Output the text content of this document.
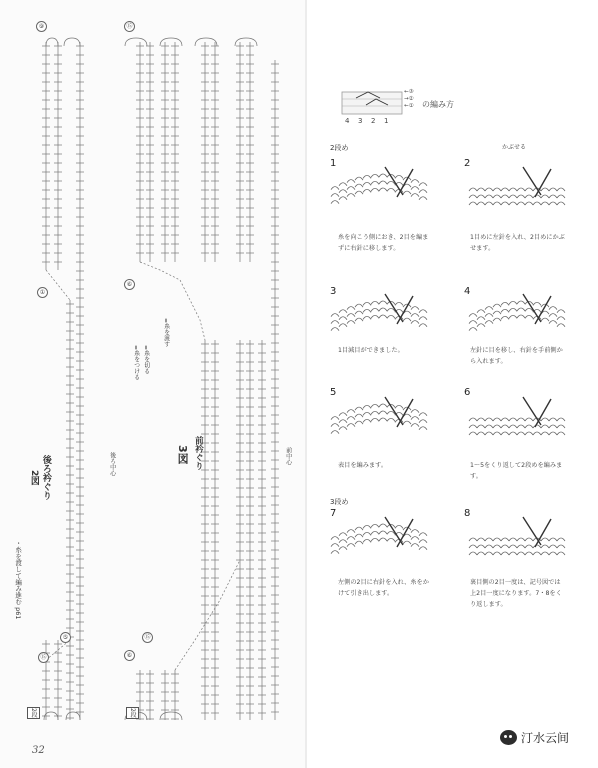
2図 後ろ衿ぐり
・糸を渡して編み進む p61
後ろ中心
2段
⑨
①
⑤
⑮
3図 前衿ぐり	前中心
2段
=糸をつける =糸を切る
=糸を渡す
⑮
⑥
⑥
⑮
32
4 3 2 1
←③
→②
←① の編み方
2段め
3段め
かぶせる
1
糸を向こう側におき、2目を編まずに右針に移します。
2
1目めに左針を入れ、2目めにかぶせます。
3
1目減目ができました。
4
左針に目を移し、右針を手前側から入れます。
5
表目を編みます。
6
1〜5をくり返して2段めを編みます。
7
左側の2目に右針を入れ、糸をかけて引き出します。
8
裏目側の2目一度は、記号図では上2目一度になります。7・8をくり返します。
汀水云间
